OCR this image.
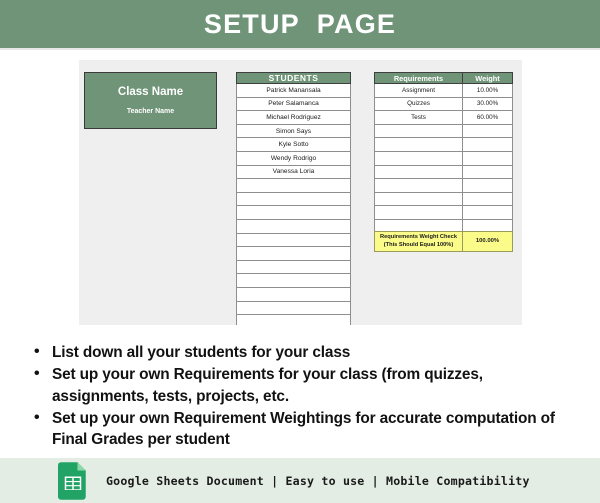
SETUP  PAGE
Class Name
Teacher Name
STUDENTS
Patrick Manansala
Peter Salamanca
Michael Rodriguez
Simon Says
Kyle Sotto
Wendy Rodrigo
Vanessa Loria

Requirements	Weight
Assignment	10.00%
Quizzes	30.00%
Tests	60.00%

Requirements Weight Check
(This Should Equal 100%)	100.00%
• List down all your students for your class
• Set up your own Requirements for your class (from quizzes, assignments, tests, projects, etc.
• Set up your own Requirement Weightings for accurate computation of Final Grades per student
Google Sheets Document | Easy to use | Mobile Compatibility
